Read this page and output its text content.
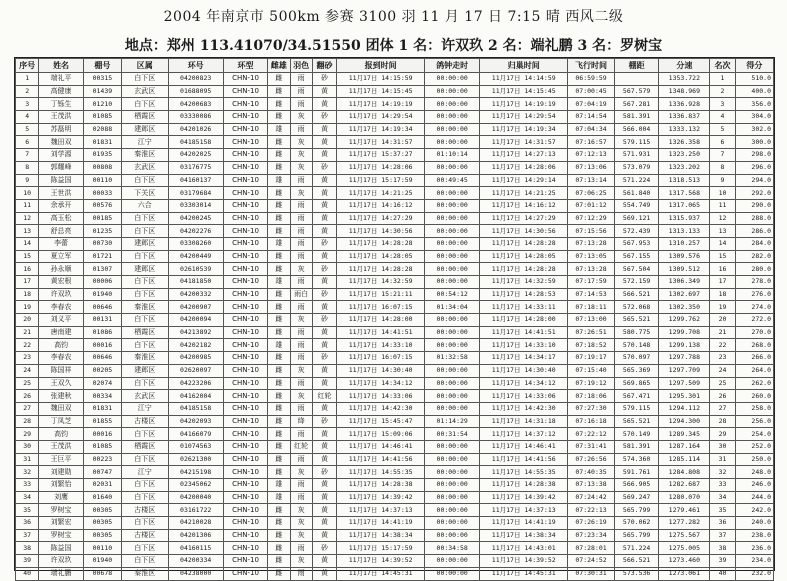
2004 年南京市 500km 参赛 3100 羽 11 月 17 日 7:15 晴 西风二级
地点：郑州 113.41070/34.51550 团体 1 名：许双玖 2 名：端礼鹏 3 名：罗树宝
序号	姓名	棚号	区属	环号	环型	雌雄	羽色	翻砂	报到时间	鸽钟走时	归巢时间	飞行时间	棚距	分速	名次	得分
1	端礼平	00315	白下区	04200823	CHN-10	雌	雨	砂	11月17日 14:15:59	00:00:00	11月17日 14:14:59	06:59:59		1353.722	1	510.0
2	高健康	01439	玄武区	01688095	CHN-10	雌	雨	黄	11月17日 14:15:45	00:00:00	11月17日 14:15:45	07:00:45	567.579	1348.969	2	400.0
3	丁铄生	01210	白下区	04200683	CHN-10	雌	雨	黄	11月17日 14:19:19	00:00:00	11月17日 14:19:19	07:04:19	567.281	1336.928	3	356.0
4	王茂洪	01085	栖霞区	03330086	CHN-10	雌	灰	砂	11月17日 14:29:54	00:00:00	11月17日 14:29:54	07:14:54	581.391	1336.837	4	304.0
5	苏磊明	02088	建邺区	04201026	CHN-10	雄	雨	黄	11月17日 14:19:34	00:00:00	11月17日 14:19:34	07:04:34	566.004	1333.132	5	302.0
6	魏田双	01831	江宁	04185158	CHN-10	雌	灰	黄	11月17日 14:31:57	00:00:00	11月17日 14:31:57	07:16:57	579.115	1326.358	6	300.0
7	刘学源	01935	秦淮区	04202025	CHN-10	雌	灰	黄	11月17日 15:37:27	01:10:14	11月17日 14:27:13	07:12:13	571.931	1323.250	7	298.0
8	郭耀峰	00808	玄武区	03176775	CHN-10	雌	灰	砂	11月17日 14:28:06	00:00:00	11月17日 14:28:06	07:13:06	573.079	1323.202	8	296.0
9	陈益国	00110	白下区	04160137	CHN-10	雄	雨	黄	11月17日 15:17:59	00:49:45	11月17日 14:29:14	07:13:14	571.224	1318.513	9	294.0
10	王世洪	00033	下关区	03179684	CHN-10	雌	灰	黄	11月17日 14:21:25	00:00:00	11月17日 14:21:25	07:06:25	561.840	1317.568	10	292.0
11	余承开	00576	六合	03303014	CHN-10	雌	雨	黄	11月17日 14:16:12	00:00:00	11月17日 14:16:12	07:01:12	554.749	1317.065	11	290.0
12	高玉松	00185	白下区	04200245	CHN-10	雌	雨	黄	11月17日 14:27:29	00:00:00	11月17日 14:27:29	07:12:29	569.121	1315.937	12	288.0
13	舒总亮	01235	白下区	04202276	CHN-10	雌	雨	黄	11月17日 14:30:56	00:00:00	11月17日 14:30:56	07:15:56	572.439	1313.133	13	286.0
14	李蕾	00730	建邺区	03308260	CHN-10	雄	雨	砂	11月17日 14:28:28	00:00:00	11月17日 14:28:28	07:13:28	567.953	1310.257	14	284.0
15	夏立军	01721	白下区	04200449	CHN-10	雌	雨	黄	11月17日 14:28:05	00:00:00	11月17日 14:28:05	07:13:05	567.155	1309.576	15	282.0
16	孙永顺	01307	建邺区	02610539	CHN-10	雌	灰	砂	11月17日 14:28:28	00:00:00	11月17日 14:28:28	07:13:28	567.504	1309.512	16	280.0
17	黄宏根	00006	白下区	04181850	CHN-10	雄	雨	黄	11月17日 14:32:59	00:00:00	11月17日 14:32:59	07:17:59	572.159	1306.349	17	278.0
18	许双玖	01940	白下区	04200332	CHN-10	雌	雨白	砂	11月17日 15:21:11	00:54:12	11月17日 14:28:53	07:14:53	566.521	1302.697	18	276.0
19	李春农	00646	秦淮区	04200907	CHN-10	雌	雨	黄	11月17日 16:07:15	01:34:04	11月17日 14:33:11	07:18:11	572.068	1302.350	19	274.0
20	刘义平	00131	白下区	04200094	CHN-10	雌	灰	砂	11月17日 14:28:00	00:00:00	11月17日 14:28:00	07:13:00	565.521	1299.762	20	272.0
21	唐南建	01086	栖霞区	04213892	CHN-10	雌	雨	黄	11月17日 14:41:51	00:00:00	11月17日 14:41:51	07:26:51	580.775	1299.708	21	270.0
22	高钧	00016	白下区	04202182	CHN-10	雄	雨	黄	11月17日 14:33:10	00:00:00	11月17日 14:33:10	07:18:52	570.148	1299.138	22	268.0
23	李春农	00646	秦淮区	04200985	CHN-10	雌	雨	砂	11月17日 16:07:15	01:32:58	11月17日 14:34:17	07:19:17	570.097	1297.788	23	266.0
24	陈国祥	00205	建邺区	02620097	CHN-10	雌	灰	黄	11月17日 14:30:40	00:00:00	11月17日 14:30:40	07:15:40	565.369	1297.709	24	264.0
25	王双久	02074	白下区	04223206	CHN-10	雌	雨	黄	11月17日 14:34:12	00:00:00	11月17日 14:34:12	07:19:12	569.865	1297.509	25	262.0
26	张建秋	00334	玄武区	04162004	CHN-10	雌	灰	红轮	11月17日 14:33:06	00:00:00	11月17日 14:33:06	07:18:06	567.471	1295.301	26	260.0
27	魏田双	01831	江宁	04185158	CHN-10	雌	雨	黄	11月17日 14:42:30	00:00:00	11月17日 14:42:30	07:27:30	579.115	1294.112	27	258.0
28	丁凤芝	01855	古楼区	04202093	CHN-10	雌	绛	砂	11月17日 15:45:47	01:14:29	11月17日 14:31:18	07:16:18	565.521	1294.300	28	256.0
29	高钧	00016	白下区	04166079	CHN-10	雌	雨	黄	11月17日 15:09:06	00:31:54	11月17日 14:37:12	07:22:12	570.149	1289.345	29	254.0
30	王茂洪	01085	栖霞区	01074563	CHN-10	雌	红轮	黄	11月17日 14:46:41	00:00:00	11月17日 14:46:41	07:31:41	581.391	1287.164	30	252.0
31	王巨平	00223	白下区	02621300	CHN-10	雌	雨	黄	11月17日 14:41:56	00:00:00	11月17日 14:41:56	07:26:56	574.360	1285.114	31	250.0
32	刘建勋	00747	江宁	04215198	CHN-10	雌	灰	砂	11月17日 14:55:35	00:00:00	11月17日 14:55:35	07:40:35	591.761	1284.808	32	248.0
33	刘繁怡	02031	白下区	02345062	CHN-10	雄	雨	黄	11月17日 14:28:38	00:00:00	11月17日 14:28:38	07:13:38	566.905	1282.687	33	246.0
34	刘鹰	01640	白下区	04200040	CHN-10	雄	雨	黄	11月17日 14:39:42	00:00:00	11月17日 14:39:42	07:24:42	569.247	1280.070	34	244.0
35	罗树宝	00305	古楼区	03161722	CHN-10	雌	灰	黄	11月17日 14:37:13	00:00:00	11月17日 14:37:13	07:22:13	565.799	1279.461	35	242.0
36	刘繁宏	00305	白下区	04210028	CHN-10	雌	灰	黄	11月17日 14:41:19	00:00:00	11月17日 14:41:19	07:26:19	570.062	1277.282	36	240.0
37	罗树宝	00305	古楼区	04201306	CHN-10	雌	灰	黄	11月17日 14:38:34	00:00:00	11月17日 14:38:34	07:23:34	565.799	1275.567	37	238.0
38	陈益国	00110	白下区	04160115	CHN-10	雌	雨	砂	11月17日 15:17:59	00:34:58	11月17日 14:43:01	07:28:01	571.224	1275.005	38	236.0
39	许双玖	01940	白下区	04200334	CHN-10	雌	灰	黄	11月17日 14:39:52	00:00:00	11月17日 14:39:52	07:24:52	566.521	1273.460	39	234.0
40	端礼鹏	00678	秦淮区	04238000	CHN-10	雌	雨	黄	11月17日 14:45:31	00:00:00	11月17日 14:45:31	07:30:31	573.536	1273.061	40	232.0
